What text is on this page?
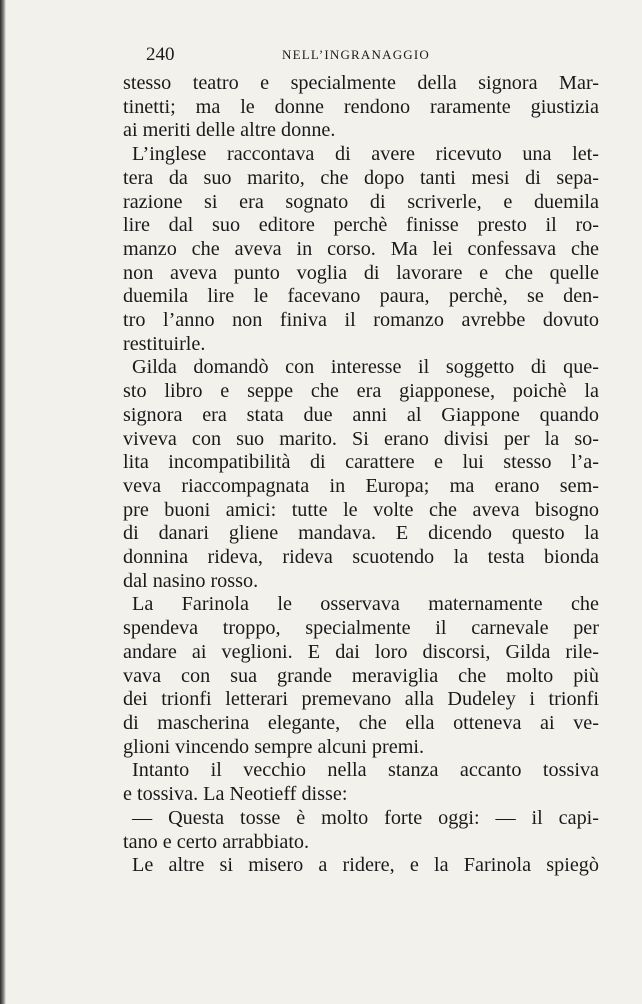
240	NELL’INGRANAGGIO

stesso teatro e specialmente della signora Mar-
tinetti; ma le donne rendono raramente giustizia
ai meriti delle altre donne.

L’inglese raccontava di avere ricevuto una let-
tera da suo marito, che dopo tanti mesi di sepa-
razione si era sognato di scriverle, e duemila
lire dal suo editore perchè finisse presto il ro-
manzo che aveva in corso. Ma lei confessava che
non aveva punto voglia di lavorare e che quelle
duemila lire le facevano paura, perchè, se den-
tro l’anno non finiva il romanzo avrebbe dovuto
restituirle.

Gilda domandò con interesse il soggetto di que-
sto libro e seppe che era giapponese, poichè la
signora era stata due anni al Giappone quando
viveva con suo marito. Si erano divisi per la so-
lita incompatibilità di carattere e lui stesso l’a-
veva riaccompagnata in Europa; ma erano sem-
pre buoni amici: tutte le volte che aveva bisogno
di danari gliene mandava. E dicendo questo la
donnina rideva, rideva scuotendo la testa bionda
dal nasino rosso.

La Farinola le osservava maternamente che
spendeva troppo, specialmente il carnevale per
andare ai veglioni. E dai loro discorsi, Gilda rile-
vava con sua grande meraviglia che molto più
dei trionfi letterari premevano alla Dudeley i trionfi
di mascherina elegante, che ella otteneva ai ve-
glioni vincendo sempre alcuni premi.

Intanto il vecchio nella stanza accanto tossiva
e tossiva. La Neotieff disse:

— Questa tosse è molto forte oggi: — il capi-
tano e certo arrabbiato.

Le altre si misero a ridere, e la Farinola spiegò
